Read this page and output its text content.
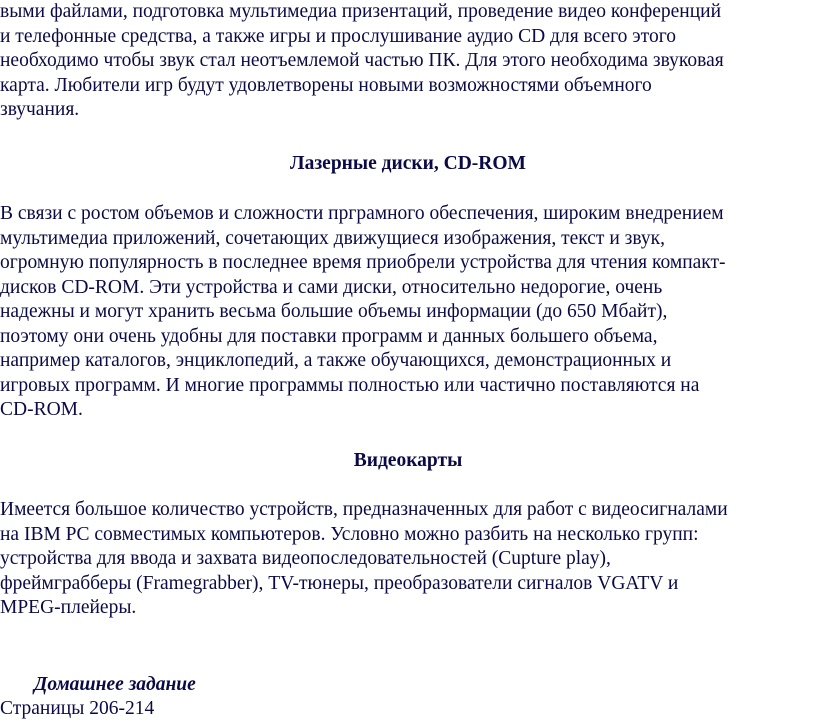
выми файлами, подготовка мультимедиа призентаций, проведение видео конференций
и телефонные средства, а также игры и прослушивание аудио CD для всего этого
необходимо чтобы звук стал неотъемлемой частью ПК. Для этого необходима звуковая
карта. Любители игр будут удовлетворены новыми возможностями объемного
звучания.
Лазерные диски, CD-ROM
В связи с ростом объемов и сложности прграмного обеспечения, широким внедрением
мультимедиа приложений, сочетающих движущиеся изображения, текст и звук,
огромную популярность в последнее время приобрели устройства для чтения компакт-
дисков CD-ROM. Эти устройства и сами диски, относительно недорогие, очень
надежны и могут хранить весьма большие объемы информации (до 650 Мбайт),
поэтому они очень удобны для поставки программ и данных большего объема,
например каталогов, энциклопедий, а также обучающихся, демонстрационных и
игровых программ. И многие программы полностью или частично поставляются на
CD-ROM.
Видеокарты
Имеется большое количество устройств, предназначенных для работ с видеосигналами
на IBM PC совместимых компьютеров. Условно можно разбить на несколько групп:
устройства для ввода и захвата видеопоследовательностей (Cupture play),
фреймграбберы (Framegrabber), TV-тюнеры, преобразователи сигналов VGATV и
MPEG-плейеры.
Домашнее задание
Страницы 206-214
